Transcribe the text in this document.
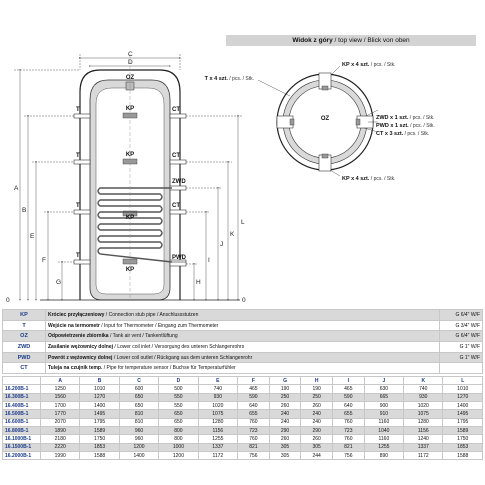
OZ
KP
KP
KP
KP
T
T
T
T
CT
CT
CT
ZWD
PWD
A
B
C
D
E
F
G	H
I
J
K
L
0	0
OZ
T x 4 szt. / pcs. / Stk.
KP x 4 szt. / pcs. / Stk.
ZWD x 1 szt. / pcs. / Stk.
PWD x 1 szt. / pcs. / Stk.
CT x 3 szt. / pcs. / Stk.
KP x 4 szt. / pcs. / Stk.
Widok z góry / top view / Blick von oben
KP	Króciec przyłączeniowy / Connection stub pipe / Anschlussstutzen	G 6/4" W/F
T	Wejście na termometr / Input for Thermometer / Eingang zum Thermometer	G 3/4" W/F
OZ	Odpowietrzenie zbiornika / Tank air vent / Tankentlüftung	G 6/4" W/F
ZWD	Zasilanie wężownicy dolnej / Lower coil inlet / Versorgung des unteren Schlangenrohrs	G 1" W/F
PWD	Powrót z wężownicy dolnej / Lower coil outlet / Rückgang aus dem unteren Schlangenrohr	G 1" W/F
CT	Tuleja na czujnik temp. / Pipe for temperature sensor / Buchse für Temperaturfühler	
	A	B	C	D	E	F	G	H	I	J	K	L
16.200B-1	1250	1010	600	500	740	465	190	190	465	630	740	1010
16.300B-1	1560	1270	650	550	930	590	250	250	590	665	930	1270
16.400B-1	1700	1400	650	550	1020	640	260	260	640	900	1020	1400
16.500B-1	1770	1495	810	650	1075	655	240	240	655	910	1075	1495
16.600B-1	2070	1795	810	650	1280	760	240	240	760	1160	1280	1795
16.800B-1	1890	1589	960	800	1156	723	290	290	723	1040	1156	1589
16.1000B-1	2180	1750	960	800	1255	760	260	260	760	1160	1240	1750
16.1500B-1	2220	1853	1200	1000	1337	821	305	305	821	1255	1337	1853
16.2000B-1	1990	1588	1400	1200	1172	756	305	244	756	890	1172	1588
